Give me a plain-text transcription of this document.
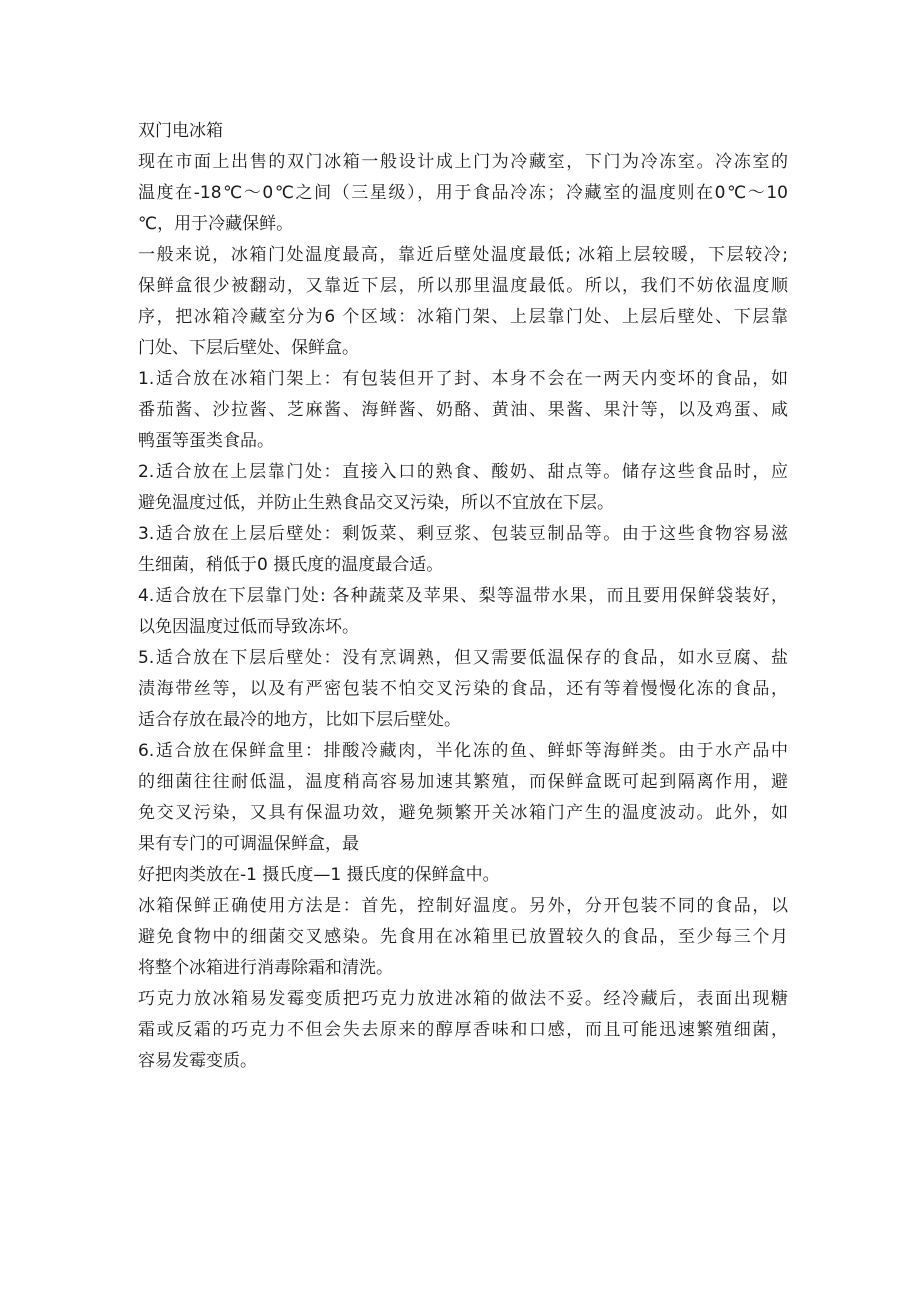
双门电冰箱
现在市面上出售的双门冰箱一般设计成上门为冷藏室，下门为冷冻室。冷冻室的
温度在-18℃～0℃之间（三星级），用于食品冷冻；冷藏室的温度则在0℃～10
℃，用于冷藏保鲜。
一般来说，冰箱门处温度最高，靠近后壁处温度最低; 冰箱上层较暖，下层较冷;
保鲜盒很少被翻动，又靠近下层，所以那里温度最低。所以，我们不妨依温度顺
序，把冰箱冷藏室分为6 个区域：冰箱门架、上层靠门处、上层后壁处、下层靠
门处、下层后壁处、保鲜盒。
1.适合放在冰箱门架上：有包装但开了封、本身不会在一两天内变坏的食品，如
番茄酱、沙拉酱、芝麻酱、海鲜酱、奶酪、黄油、果酱、果汁等，以及鸡蛋、咸
鸭蛋等蛋类食品。
2.适合放在上层靠门处：直接入口的熟食、酸奶、甜点等。储存这些食品时，应
避免温度过低，并防止生熟食品交叉污染，所以不宜放在下层。
3.适合放在上层后壁处：剩饭菜、剩豆浆、包装豆制品等。由于这些食物容易滋
生细菌，稍低于0 摄氏度的温度最合适。
4.适合放在下层靠门处: 各种蔬菜及苹果、梨等温带水果，而且要用保鲜袋装好，
以免因温度过低而导致冻坏。
5.适合放在下层后壁处：没有烹调熟，但又需要低温保存的食品，如水豆腐、盐
渍海带丝等，以及有严密包装不怕交叉污染的食品，还有等着慢慢化冻的食品，
适合存放在最冷的地方，比如下层后壁处。
6.适合放在保鲜盒里：排酸冷藏肉，半化冻的鱼、鲜虾等海鲜类。由于水产品中
的细菌往往耐低温，温度稍高容易加速其繁殖，而保鲜盒既可起到隔离作用，避
免交叉污染，又具有保温功效，避免频繁开关冰箱门产生的温度波动。此外，如
果有专门的可调温保鲜盒，最
好把肉类放在-1 摄氏度—1 摄氏度的保鲜盒中。
冰箱保鲜正确使用方法是：首先，控制好温度。另外，分开包装不同的食品，以
避免食物中的细菌交叉感染。先食用在冰箱里已放置较久的食品，至少每三个月
将整个冰箱进行消毒除霜和清洗。
巧克力放冰箱易发霉变质把巧克力放进冰箱的做法不妥。经冷藏后，表面出现糖
霜或反霜的巧克力不但会失去原来的醇厚香味和口感，而且可能迅速繁殖细菌，
容易发霉变质。
